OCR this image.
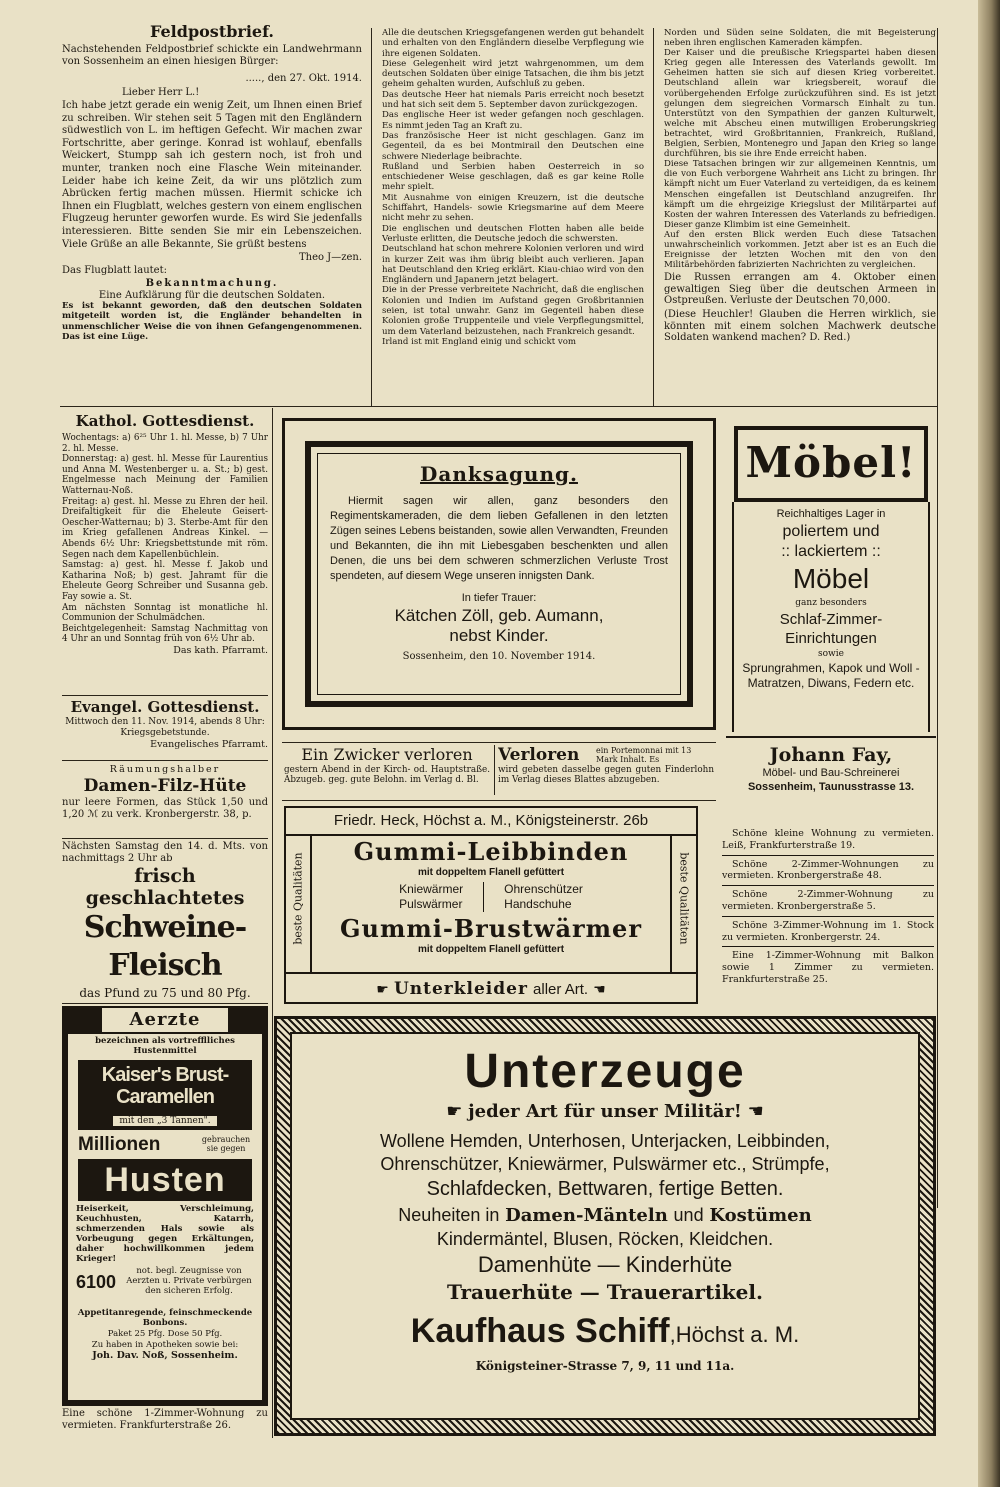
Feldpostbrief.

Nachstehenden Feldpostbrief schickte ein Landwehrmann von Sossenheim an einen hiesigen Bürger:

....., den 27. Okt. 1914.

Lieber Herr L.!

Ich habe jetzt gerade ein wenig Zeit, um Ihnen einen Brief zu schreiben. Wir stehen seit 5 Tagen mit den Engländern südwestlich von L. im heftigen Gefecht. Wir machen zwar Fortschritte, aber geringe. Konrad ist wohlauf, ebenfalls Weickert, Stumpp sah ich gestern noch, ist froh und munter, tranken noch eine Flasche Wein miteinander. Leider habe ich keine Zeit, da wir uns plötzlich zum Abrücken fertig machen müssen. Hiermit schicke ich Ihnen ein Flugblatt, welches gestern von einem englischen Flugzeug herunter geworfen wurde. Es wird Sie jedenfalls interessieren. Bitte senden Sie mir ein Lebenszeichen. Viele Grüße an alle Bekannte, Sie grüßt bestens

Theo J—zen.

Das Flugblatt lautet:

Bekanntmachung.

Eine Aufklärung für die deutschen Soldaten.

Es ist bekannt geworden, daß den deutschen Soldaten mitgeteilt worden ist, die Engländer behandelten in unmenschlicher Weise die von ihnen Gefangengenommenen. Das ist eine Lüge.

Alle die deutschen Kriegsgefangenen werden gut behandelt und erhalten von den Engländern dieselbe Verpflegung wie ihre eigenen Soldaten.
Diese Gelegenheit wird jetzt wahrgenommen, um dem deutschen Soldaten über einige Tatsachen, die ihm bis jetzt geheim gehalten wurden, Aufschluß zu geben.
Das deutsche Heer hat niemals Paris erreicht noch besetzt und hat sich seit dem 5. September davon zurückgezogen.
Das englische Heer ist weder gefangen noch geschlagen. Es nimmt jeden Tag an Kraft zu.
Das französische Heer ist nicht geschlagen. Ganz im Gegenteil, da es bei Montmirail den Deutschen eine schwere Niederlage beibrachte.
Rußland und Serbien haben Oesterreich in so entschiedener Weise geschlagen, daß es gar keine Rolle mehr spielt.
Mit Ausnahme von einigen Kreuzern, ist die deutsche Schiffahrt, Handels- sowie Kriegsmarine auf dem Meere nicht mehr zu sehen.
Die englischen und deutschen Flotten haben alle beide Verluste erlitten, die Deutsche jedoch die schwersten.
Deutschland hat schon mehrere Kolonien verloren und wird in kurzer Zeit was ihm übrig bleibt auch verlieren. Japan hat Deutschland den Krieg erklärt. Kiau-chiao wird von den Engländern und Japanern jetzt belagert.
Die in der Presse verbreitete Nachricht, daß die englischen Kolonien und Indien im Aufstand gegen Großbritannien seien, ist total unwahr. Ganz im Gegenteil haben diese Kolonien große Truppenteile und viele Verpflegungsmittel, um dem Vaterland beizustehen, nach Frankreich gesandt.
Irland ist mit England einig und schickt vom

Norden und Süden seine Soldaten, die mit Begeisterung neben ihren englischen Kameraden kämpfen.
Der Kaiser und die preußische Kriegspartei haben diesen Krieg gegen alle Interessen des Vaterlands gewollt. Im Geheimen hatten sie sich auf diesen Krieg vorbereitet. Deutschland allein war kriegsbereit, worauf die vorübergehenden Erfolge zurückzuführen sind. Es ist jetzt gelungen dem siegreichen Vormarsch Einhalt zu tun. Unterstützt von den Sympathien der ganzen Kulturwelt, welche mit Abscheu einen mutwilligen Eroberungskrieg betrachtet, wird Großbritannien, Frankreich, Rußland, Belgien, Serbien, Montenegro und Japan den Krieg so lange durchführen, bis sie ihre Ende erreicht haben.
Diese Tatsachen bringen wir zur allgemeinen Kenntnis, um die von Euch verborgene Wahrheit ans Licht zu bringen. Ihr kämpft nicht um Euer Vaterland zu verteidigen, da es keinem Menschen eingefallen ist Deutschland anzugreifen. Ihr kämpft um die ehrgeizige Kriegslust der Militärpartei auf Kosten der wahren Interessen des Vaterlands zu befriedigen. Dieser ganze Klimbim ist eine Gemeinheit.
Auf den ersten Blick werden Euch diese Tatsachen unwahrscheinlich vorkommen. Jetzt aber ist es an Euch die Ereignisse der letzten Wochen mit den von den Militärbehörden fabrizierten Nachrichten zu vergleichen.

Die Russen errangen am 4. Oktober einen gewaltigen Sieg über die deutschen Armeen in Ostpreußen. Verluste der Deutschen 70,000.

(Diese Heuchler! Glauben die Herren wirklich, sie könnten mit einem solchen Machwerk deutsche Soldaten wankend machen? D. Red.)

Kathol. Gottesdienst.

Wochentags: a) 6²⁵ Uhr 1. hl. Messe, b) 7 Uhr 2. hl. Messe.
Donnerstag: a) gest. hl. Messe für Laurentius und Anna M. Westenberger u. a. St.; b) gest. Engelmesse nach Meinung der Familien Watternau-Noß.
Freitag: a) gest. hl. Messe zu Ehren der heil. Dreifaltigkeit für die Eheleute Geisert-Oescher-Watternau; b) 3. Sterbe-Amt für den im Krieg gefallenen Andreas Kinkel. — Abends 6½ Uhr: Kriegsbettstunde mit röm. Segen nach dem Kapellenbüchlein.
Samstag: a) gest. hl. Messe f. Jakob und Katharina Noß; b) gest. Jahramt für die Eheleute Georg Schreiber und Susanna geb. Fay sowie a. St.
Am nächsten Sonntag ist monatliche hl. Communion der Schulmädchen.
Beichtgelegenheit: Samstag Nachmittag von 4 Uhr an und Sonntag früh von 6½ Uhr ab.

Das kath. Pfarramt.

Evangel. Gottesdienst.

Mittwoch den 11. Nov. 1914, abends 8 Uhr: Kriegsgebetstunde.

Evangelisches Pfarramt.

Räumungshalber

Damen-Filz-Hüte

nur leere Formen, das Stück 1,50 und 1,20 ℳ zu verk. Kronbergerstr. 38, p.

Nächsten Samstag den 14. d. Mts. von nachmittags 2 Uhr ab

frisch geschlachtetes

Schweine-Fleisch

das Pfund zu 75 und 80 Pfg.

Aerzte

bezeichnen als vortrefflliches Hustenmittel

Kaiser's Brust-
Caramellen
mit den „3 Tannen".
Millionen	gebrauchen sie gegen
Husten

Heiserkeit, Verschleimung, Keuchhusten, Katarrh, schmerzenden Hals sowie als Vorbeugung gegen Erkältungen, daher hochwillkommen jedem Krieger!

6100
not. begl. Zeugnisse von Aerzten u. Private verbürgen den sicheren Erfolg.

Appetitanregende, feinschmeckende Bonbons.

Paket 25 Pfg. Dose 50 Pfg.

Zu haben in Apotheken sowie bei:

Joh. Dav. Noß, Sossenheim.

Eine schöne 1-Zimmer-Wohnung zu vermieten. Frankfurterstraße 26.

Danksagung.

Hiermit sagen wir allen, ganz besonders den Regimentskameraden, die dem lieben Gefallenen in den letzten Zügen seines Lebens beistanden, sowie allen Verwandten, Freunden und Bekannten, die ihn mit Liebesgaben beschenkten und allen Denen, die uns bei dem schweren schmerzlichen Verluste Trost spendeten, auf diesem Wege unseren innigsten Dank.

In tiefer Trauer:

Kätchen Zöll, geb. Aumann,

nebst Kinder.

Sossenheim, den 10. November 1914.

Möbel!

Reichhaltiges Lager in

poliertem und

:: lackiertem ::

Möbel

ganz besonders

Schlaf-Zimmer-

Einrichtungen

sowie

Sprungrahmen, Kapok und Woll - Matratzen, Diwans, Federn etc.

Johann Fay,

Möbel- und Bau-Schreinerei

Sossenheim, Taunusstrasse 13.

Ein Zwicker verloren

gestern Abend in der Kirch- od. Hauptstraße. Abzugeb. geg. gute Belohn. im Verlag d. Bl.

Verloren ein Portemonnai mit 13 Mark Inhalt. Es

wird gebeten dasselbe gegen guten Finderlohn im Verlag dieses Blattes abzugeben.

Friedr. Heck, Höchst a. M., Königsteinerstr. 26b
beste Qualitäten	beste Qualitäten

Gummi-Leibbinden

mit doppeltem Flanell gefüttert

Kniewärmer
Pulswärmer
Ohrenschützer
Handschuhe

Gummi-Brustwärmer

mit doppeltem Flanell gefüttert

☛ Unterkleider aller Art. ☚

Schöne kleine Wohnung zu vermieten. Leiß, Frankfurterstraße 19.

Schöne 2-Zimmer-Wohnungen zu vermieten. Kronbergerstraße 48.

Schöne 2-Zimmer-Wohnung zu vermieten. Kronbergerstraße 5.

Schöne 3-Zimmer-Wohnung im 1. Stock zu vermieten. Kronbergerstr. 24.

Eine 1-Zimmer-Wohnung mit Balkon sowie 1 Zimmer zu vermieten. Frankfurterstraße 25.

Unterzeuge

☛ jeder Art für unser Militär! ☚

Wollene Hemden, Unterhosen, Unterjacken, Leibbinden,

Ohrenschützer, Kniewärmer, Pulswärmer etc., Strümpfe,

Schlafdecken, Bettwaren, fertige Betten.

Neuheiten in Damen-Mänteln und Kostümen

Kindermäntel, Blusen, Röcken, Kleidchen.

Damenhüte — Kinderhüte

Trauerhüte — Trauerartikel.

Kaufhaus Schiff,Höchst a. M.

Königsteiner-Strasse 7, 9, 11 und 11a.
